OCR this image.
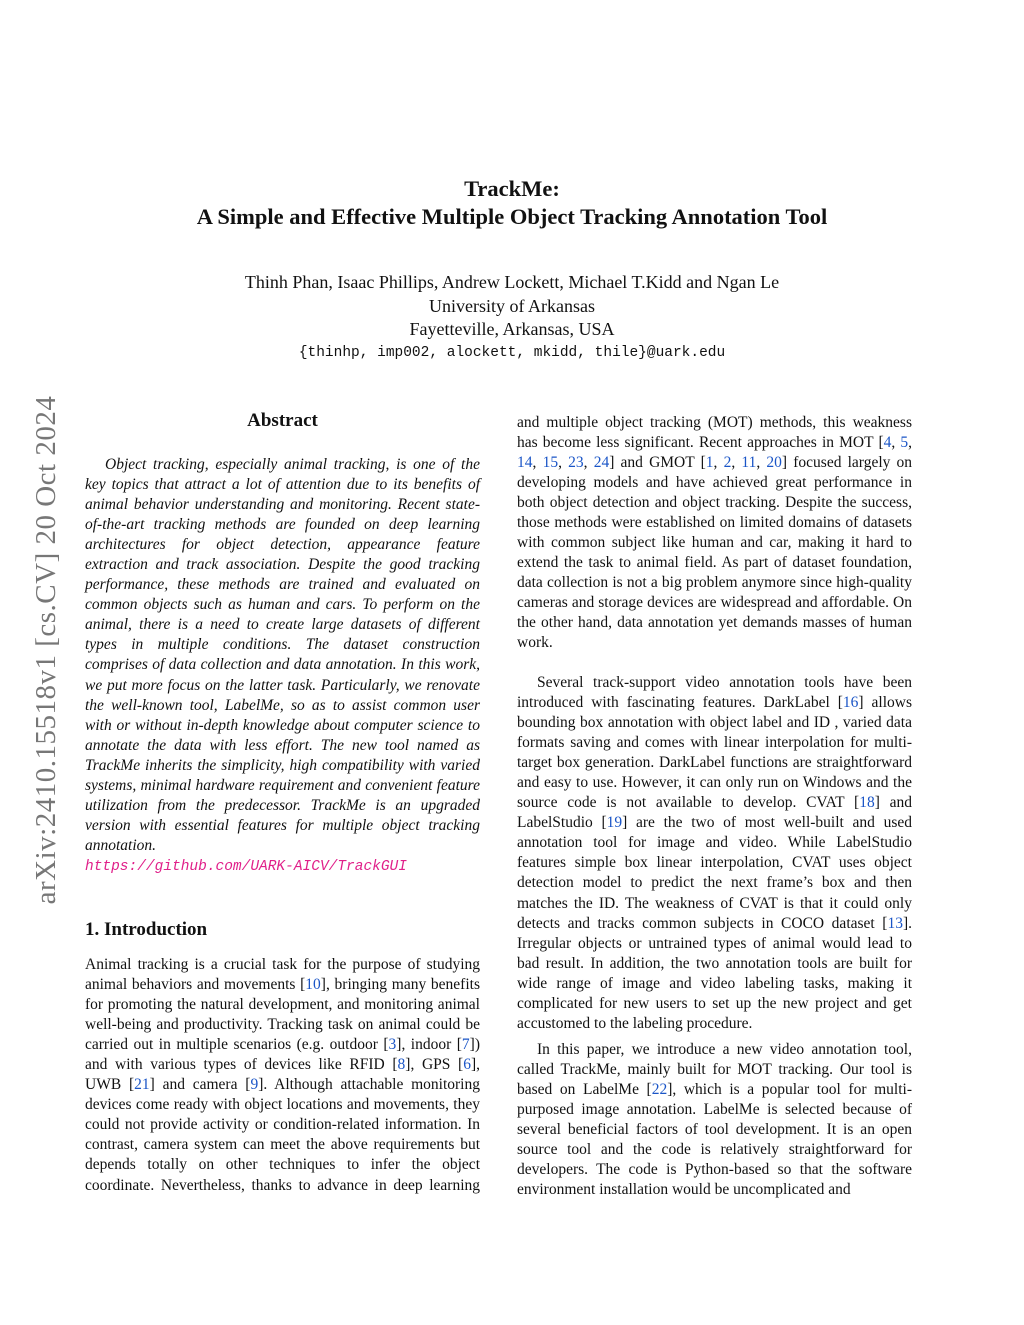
arXiv:2410.15518v1 [cs.CV] 20 Oct 2024
TrackMe:
A Simple and Effective Multiple Object Tracking Annotation Tool
Thinh Phan, Isaac Phillips, Andrew Lockett, Michael T.Kidd and Ngan Le
University of Arkansas
Fayetteville, Arkansas, USA
{thinhp, imp002, alockett, mkidd, thile}@uark.edu
Abstract

Object tracking, especially animal tracking, is one of the key topics that attract a lot of attention due to its benefits of animal behavior understanding and monitoring. Recent state-of-the-art tracking methods are founded on deep learning architectures for object detection, appearance feature extraction and track association. Despite the good tracking performance, these methods are trained and evaluated on common objects such as human and cars. To perform on the animal, there is a need to create large datasets of different types in multiple conditions. The dataset construction comprises of data collection and data annotation. In this work, we put more focus on the latter task. Particularly, we renovate the well-known tool, LabelMe, so as to assist common user with or without in-depth knowledge about computer science to annotate the data with less effort. The new tool named as TrackMe inherits the simplicity, high compatibility with varied systems, minimal hardware requirement and convenient feature utilization from the predecessor. TrackMe is an upgraded version with essential features for multiple object tracking annotation.

https://github.com/UARK-AICV/TrackGUI
1. Introduction

Animal tracking is a crucial task for the purpose of studying animal behaviors and movements [10], bringing many benefits for promoting the natural development, and monitoring animal well-being and productivity. Tracking task on animal could be carried out in multiple scenarios (e.g. outdoor [3], indoor [7]) and with various types of devices like RFID [8], GPS [6], UWB [21] and camera [9]. Although attachable monitoring devices come ready with object locations and movements, they could not provide activity or condition-related information. In contrast, camera system can meet the above requirements but depends totally on other techniques to infer the object coordinate. Nevertheless, thanks to advance in deep learning

and multiple object tracking (MOT) methods, this weakness has become less significant. Recent approaches in MOT [4, 5, 14, 15, 23, 24] and GMOT [1, 2, 11, 20] focused largely on developing models and have achieved great performance in both object detection and object tracking. Despite the success, those methods were established on limited domains of datasets with common subject like human and car, making it hard to extend the task to animal field. As part of dataset foundation, data collection is not a big problem anymore since high-quality cameras and storage devices are widespread and affordable. On the other hand, data annotation yet demands masses of human work.

Several track-support video annotation tools have been introduced with fascinating features. DarkLabel [16] allows bounding box annotation with object label and ID , varied data formats saving and comes with linear interpolation for multi-target box generation. DarkLabel functions are straightforward and easy to use. However, it can only run on Windows and the source code is not available to develop. CVAT [18] and LabelStudio [19] are the two of most well-built and used annotation tool for image and video. While LabelStudio features simple box linear interpolation, CVAT uses object detection model to predict the next frame’s box and then matches the ID. The weakness of CVAT is that it could only detects and tracks common subjects in COCO dataset [13]. Irregular objects or untrained types of animal would lead to bad result. In addition, the two annotation tools are built for wide range of image and video labeling tasks, making it complicated for new users to set up the new project and get accustomed to the labeling procedure.

In this paper, we introduce a new video annotation tool, called TrackMe, mainly built for MOT tracking. Our tool is based on LabelMe [22], which is a popular tool for multi-purposed image annotation. LabelMe is selected because of several beneficial factors of tool development. It is an open source tool and the code is relatively straightforward for developers. The code is Python-based so that the software environment installation would be uncomplicated and
